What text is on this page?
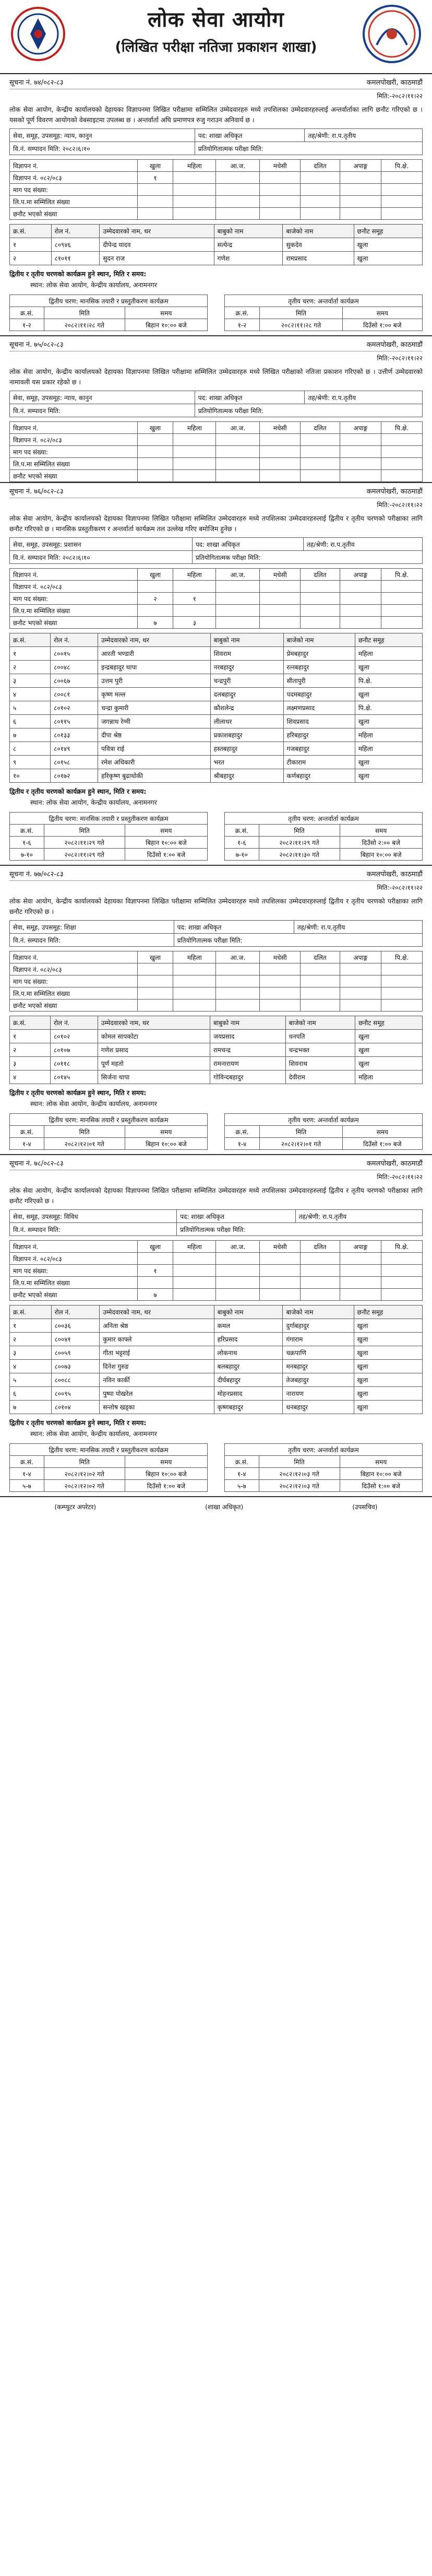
लोक सेवा आयोग
(लिखित परीक्षा नतिजा प्रकाशन शाखा)
सूचना नं. ७४/०८२-८३	कमलपोखरी, काठमाडौं
मिति:-२०८२।११।२२
लोक सेवा आयोग, केन्द्रीय कार्यालयको देहायका विज्ञापनमा लिखित परीक्षामा सम्मिलित उम्मेदवारहरु मध्ये तपशिलका उम्मेदवारहरुलाई अन्तर्वार्ताका लागि छनौट गरिएको छ । यसको पूर्ण विवरण आयोगको वेबसाइटमा उपलब्ध छ । अन्तर्वार्ता अघि प्रमाणपत्र रुजु गराउन अनिवार्य छ ।
सेवा, समूह, उपसमूह: न्याय, कानुन	पद: शाखा अधिकृत	तह/श्रेणी: रा.प.तृतीय
वि.नं. सम्पादन मिति: २०८२।६।१०	प्रतियोगितात्मक परीक्षा मिति:	
विज्ञापन नं.	खुला	महिला	आ.ज.	मधेसी	दलित	अपाङ्ग	पि.क्षे.
विज्ञापन नं. ०८२/०८३	१						
माग पद संख्या:							
लि.प.मा सम्मिलित संख्या							
छनौट भएको संख्या							
क्र.सं.	रोल नं.	उम्मेदवारको नाम, थर	बाबुको नाम	बाजेको नाम	छनौट समूह
१	८०९४६	दीपेन्द्र यादव	सत्येन्द्र	सुकदेव	खुला
२	८१०११	सुदन राज	गणेश	रामप्रसाद	खुला
द्वितीय र तृतीय चरणको कार्यक्रम हुने स्थान, मिति र समय:
स्थान: लोक सेवा आयोग, केन्द्रीय कार्यालय, अनामनगर
द्वितीय चरण: मानसिक तयारी र प्रस्तुतीकरण कार्यक्रम		
क्र.सं.	मिति	समय
१-२	२०८२।११।२८ गते	बिहान १०:०० बजे
तृतीय चरण: अन्तर्वार्ता कार्यक्रम		
क्र.सं.	मिति	समय
१-२	२०८२।११।२८ गते	दिउँसो १:०० बजे
सूचना नं. ७५/०८२-८३	कमलपोखरी, काठमाडौं
मिति:-२०८२।११।२२
लोक सेवा आयोग, केन्द्रीय कार्यालयको देहायका विज्ञापनमा लिखित परीक्षामा सम्मिलित उम्मेदवारहरु मध्ये लिखित परीक्षाको नतिजा प्रकाशन गरिएको छ । उत्तीर्ण उम्मेदवारको नामावली यस प्रकार रहेको छ ।
सेवा, समूह, उपसमूह: न्याय, कानुन	पद: शाखा अधिकृत	तह/श्रेणी: रा.प.तृतीय
वि.नं. सम्पादन मिति:	प्रतियोगितात्मक परीक्षा मिति:	
विज्ञापन नं.	खुला	महिला	आ.ज.	मधेसी	दलित	अपाङ्ग	पि.क्षे.
विज्ञापन नं. ०८२/०८३							
माग पद संख्या:							
लि.प.मा सम्मिलित संख्या							
छनौट भएको संख्या							
सूचना नं. ७६/०८२-८३	कमलपोखरी, काठमाडौं
मिति:-२०८२।११।२२
लोक सेवा आयोग, केन्द्रीय कार्यालयको देहायका विज्ञापनमा लिखित परीक्षामा सम्मिलित उम्मेदवारहरु मध्ये तपशिलका उम्मेदवारहरुलाई द्वितीय र तृतीय चरणको परीक्षाका लागि छनौट गरिएको छ । मानसिक प्रस्तुतीकरण र अन्तर्वार्ता कार्यक्रम तल उल्लेख गरिए बमोजिम हुनेछ ।
सेवा, समूह, उपसमूह: प्रशासन	पद: शाखा अधिकृत	तह/श्रेणी: रा.प.तृतीय
वि.नं. सम्पादन मिति: २०८२।६।१०	प्रतियोगितात्मक परीक्षा मिति:	
विज्ञापन नं.	खुला	महिला	आ.ज.	मधेसी	दलित	अपाङ्ग	पि.क्षे.
विज्ञापन नं. ०८२/०८३							
माग पद संख्या:	२	१					
लि.प.मा सम्मिलित संख्या							
छनौट भएको संख्या	७	३					
क्र.सं.	रोल नं.	उम्मेदवारको नाम, थर	बाबुको नाम	बाजेको नाम	छनौट समूह
१	८००१५	आरती भण्डारी	शिवराम	प्रेमबहादुर	महिला
२	८००४८	इन्द्रबहादुर थापा	नरबहादुर	रत्नबहादुर	खुला
३	८००६७	उत्तम पुरी	चन्द्रपुरी	सीतापुरी	पि.क्षे.
४	८००८१	कृष्ण मल्ल	दलबहादुर	पदमबहादुर	खुला
५	८०१०२	चन्द्रा कुमारी	कौशलेन्द्र	लक्ष्मणप्रसाद	पि.क्षे.
६	८०११५	जगन्नाथ रेग्मी	लीलाधर	शिवप्रसाद	खुला
७	८०१३३	दीपा श्रेष्ठ	प्रकाशबहादुर	हरिबहादुर	महिला
८	८०१४९	पवित्रा राई	हस्तबहादुर	गजबहादुर	महिला
९	८०१५८	रमेश अधिकारी	भरत	टीकाराम	खुला
१०	८०१७२	हरिकृष्ण बुढाथोकी	श्रीबहादुर	कर्णबहादुर	खुला
द्वितीय र तृतीय चरणको कार्यक्रम हुने स्थान, मिति र समय:
स्थान: लोक सेवा आयोग, केन्द्रीय कार्यालय, अनामनगर
द्वितीय चरण: मानसिक तयारी र प्रस्तुतीकरण कार्यक्रम		
क्र.सं.	मिति	समय
१-६	२०८२।११।२९ गते	बिहान १०:०० बजे
७-१०	२०८२।११।२९ गते	दिउँसो १:०० बजे
तृतीय चरण: अन्तर्वार्ता कार्यक्रम		
क्र.सं.	मिति	समय
१-६	२०८२।११।२९ गते	दिउँसो २:०० बजे
७-१०	२०८२।११।३० गते	बिहान १०:०० बजे
सूचना नं. ७७/०८२-८३	कमलपोखरी, काठमाडौं
मिति:-२०८२।११।२२
लोक सेवा आयोग, केन्द्रीय कार्यालयको देहायका विज्ञापनमा लिखित परीक्षामा सम्मिलित उम्मेदवारहरु मध्ये तपशिलका उम्मेदवारहरुलाई द्वितीय र तृतीय चरणको परीक्षाका लागि छनौट गरिएको छ ।
सेवा, समूह, उपसमूह: शिक्षा	पद: शाखा अधिकृत	तह/श्रेणी: रा.प.तृतीय
वि.नं. सम्पादन मिति:	प्रतियोगितात्मक परीक्षा मिति:	
विज्ञापन नं.	खुला	महिला	आ.ज.	मधेसी	दलित	अपाङ्ग	पि.क्षे.
विज्ञापन नं. ०८२/०८३							
माग पद संख्या:							
लि.प.मा सम्मिलित संख्या							
छनौट भएको संख्या							
क्र.सं.	रोल नं.	उम्मेदवारको नाम, थर	बाबुको नाम	बाजेको नाम	छनौट समूह
१	८०१०२	कोमल सापकोटा	जयप्रसाद	धनपति	खुला
२	८०१०७	गणेश प्रसाद	रामचन्द्र	चन्द्रभक्त	खुला
३	८०११८	पूर्ण महतो	रामनारायण	शिवनाथ	खुला
४	८०१४५	सिर्जना थापा	गोविन्दबहादुर	देवीराम	महिला
द्वितीय र तृतीय चरणको कार्यक्रम हुने स्थान, मिति र समय:
स्थान: लोक सेवा आयोग, केन्द्रीय कार्यालय, अनामनगर
द्वितीय चरण: मानसिक तयारी र प्रस्तुतीकरण कार्यक्रम		
क्र.सं.	मिति	समय
१-४	२०८२।१२।०१ गते	बिहान १०:०० बजे
तृतीय चरण: अन्तर्वार्ता कार्यक्रम		
क्र.सं.	मिति	समय
१-४	२०८२।१२।०१ गते	दिउँसो १:०० बजे
सूचना नं. ७८/०८२-८३	कमलपोखरी, काठमाडौं
मिति:-२०८२।११।२२
लोक सेवा आयोग, केन्द्रीय कार्यालयको देहायका विज्ञापनमा लिखित परीक्षामा सम्मिलित उम्मेदवारहरु मध्ये तपशिलका उम्मेदवारहरुलाई द्वितीय र तृतीय चरणको परीक्षाका लागि छनौट गरिएको छ ।
सेवा, समूह, उपसमूह: विविध	पद: शाखा अधिकृत	तह/श्रेणी: रा.प.तृतीय
वि.नं. सम्पादन मिति:	प्रतियोगितात्मक परीक्षा मिति:	
विज्ञापन नं.	खुला	महिला	आ.ज.	मधेसी	दलित	अपाङ्ग	पि.क्षे.
विज्ञापन नं. ०८२/०८३							
माग पद संख्या:	१						
लि.प.मा सम्मिलित संख्या							
छनौट भएको संख्या	७						
क्र.सं.	रोल नं.	उम्मेदवारको नाम, थर	बाबुको नाम	बाजेको नाम	छनौट समूह
१	८००३६	अनिता श्रेष्ठ	कमल	दुर्गाबहादुर	खुला
२	८००४१	कुमार काफ्ले	हरिप्रसाद	गंगाराम	खुला
३	८००५९	गीता भट्टराई	लोकनाथ	चक्रपाणि	खुला
४	८००७३	दिनेश गुरुङ	बलबहादुर	मनबहादुर	खुला
५	८००८८	नविन कार्की	दीर्घबहादुर	तेजबहादुर	खुला
६	८००९५	पुष्पा पोखरेल	मोहनप्रसाद	नारायण	खुला
७	८०१०४	सन्तोष खड्का	कृष्णबहादुर	धनबहादुर	खुला
द्वितीय र तृतीय चरणको कार्यक्रम हुने स्थान, मिति र समय:
स्थान: लोक सेवा आयोग, केन्द्रीय कार्यालय, अनामनगर
द्वितीय चरण: मानसिक तयारी र प्रस्तुतीकरण कार्यक्रम		
क्र.सं.	मिति	समय
१-४	२०८२।१२।०२ गते	बिहान १०:०० बजे
५-७	२०८२।१२।०२ गते	दिउँसो १:०० बजे
तृतीय चरण: अन्तर्वार्ता कार्यक्रम		
क्र.सं.	मिति	समय
१-४	२०८२।१२।०३ गते	बिहान १०:०० बजे
५-७	२०८२।१२।०३ गते	दिउँसो १:०० बजे
(कम्प्युटर अपरेटर)	(शाखा अधिकृत)	(उपसचिव)
